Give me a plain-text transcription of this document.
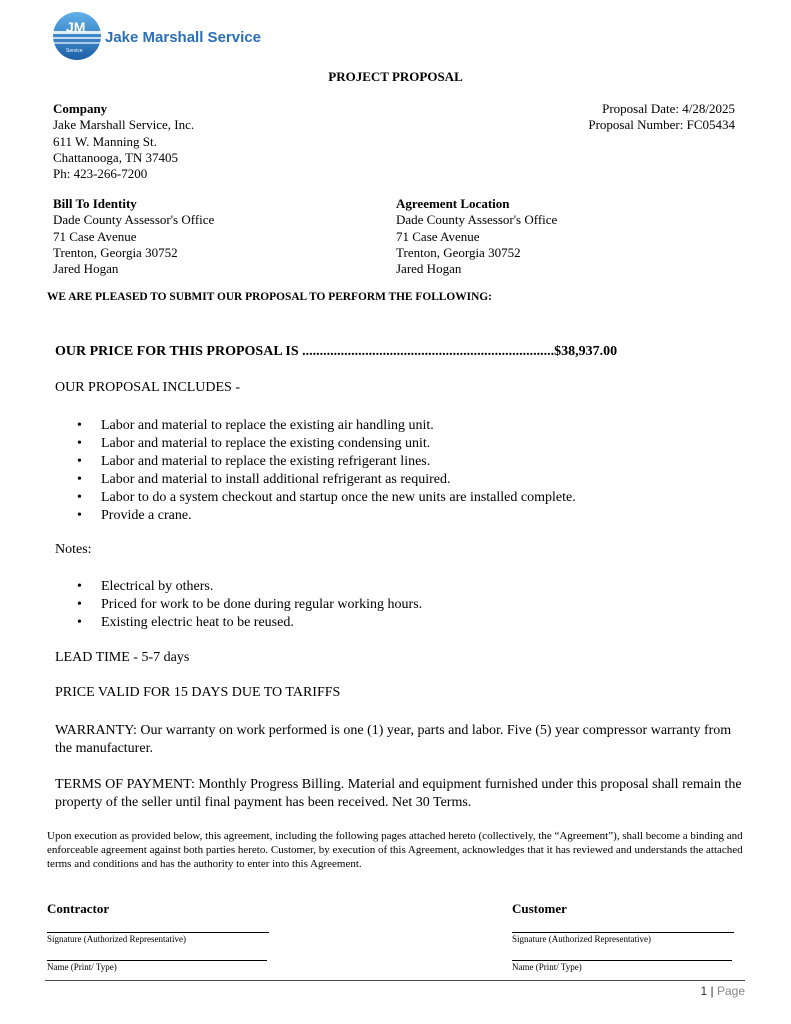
JM
Service
Jake Marshall Service
PROJECT PROPOSAL
Company
Jake Marshall Service, Inc.
611 W. Manning St.
Chattanooga, TN 37405
Ph: 423-266-7200
Proposal Date: 4/28/2025
Proposal Number: FC05434
Bill To Identity
Dade County Assessor's Office
71 Case Avenue
Trenton, Georgia 30752
Jared Hogan
Agreement Location
Dade County Assessor's Office
71 Case Avenue
Trenton, Georgia 30752
Jared Hogan
WE ARE PLEASED TO SUBMIT OUR PROPOSAL TO PERFORM THE FOLLOWING:
OUR PRICE FOR THIS PROPOSAL IS ........................................................................$38,937.00
OUR PROPOSAL INCLUDES -
• Labor and material to replace the existing air handling unit.
• Labor and material to replace the existing condensing unit.
• Labor and material to replace the existing refrigerant lines.
• Labor and material to install additional refrigerant as required.
• Labor to do a system checkout and startup once the new units are installed complete.
• Provide a crane.
Notes:
• Electrical by others.
• Priced for work to be done during regular working hours.
• Existing electric heat to be reused.
LEAD TIME - 5-7 days
PRICE VALID FOR 15 DAYS DUE TO TARIFFS
WARRANTY: Our warranty on work performed is one (1) year, parts and labor. Five (5) year compressor warranty from the manufacturer.
TERMS OF PAYMENT: Monthly Progress Billing. Material and equipment furnished under this proposal shall remain the property of the seller until final payment has been received. Net 30 Terms.
Upon execution as provided below, this agreement, including the following pages attached hereto (collectively, the “Agreement”), shall become a binding and enforceable agreement against both parties hereto. Customer, by execution of this Agreement, acknowledges that it has reviewed and understands the attached terms and conditions and has the authority to enter into this Agreement.
Contractor
Signature (Authorized Representative)
Name (Print/ Type)
Customer
Signature (Authorized Representative)
Name (Print/ Type)
1 | Page
